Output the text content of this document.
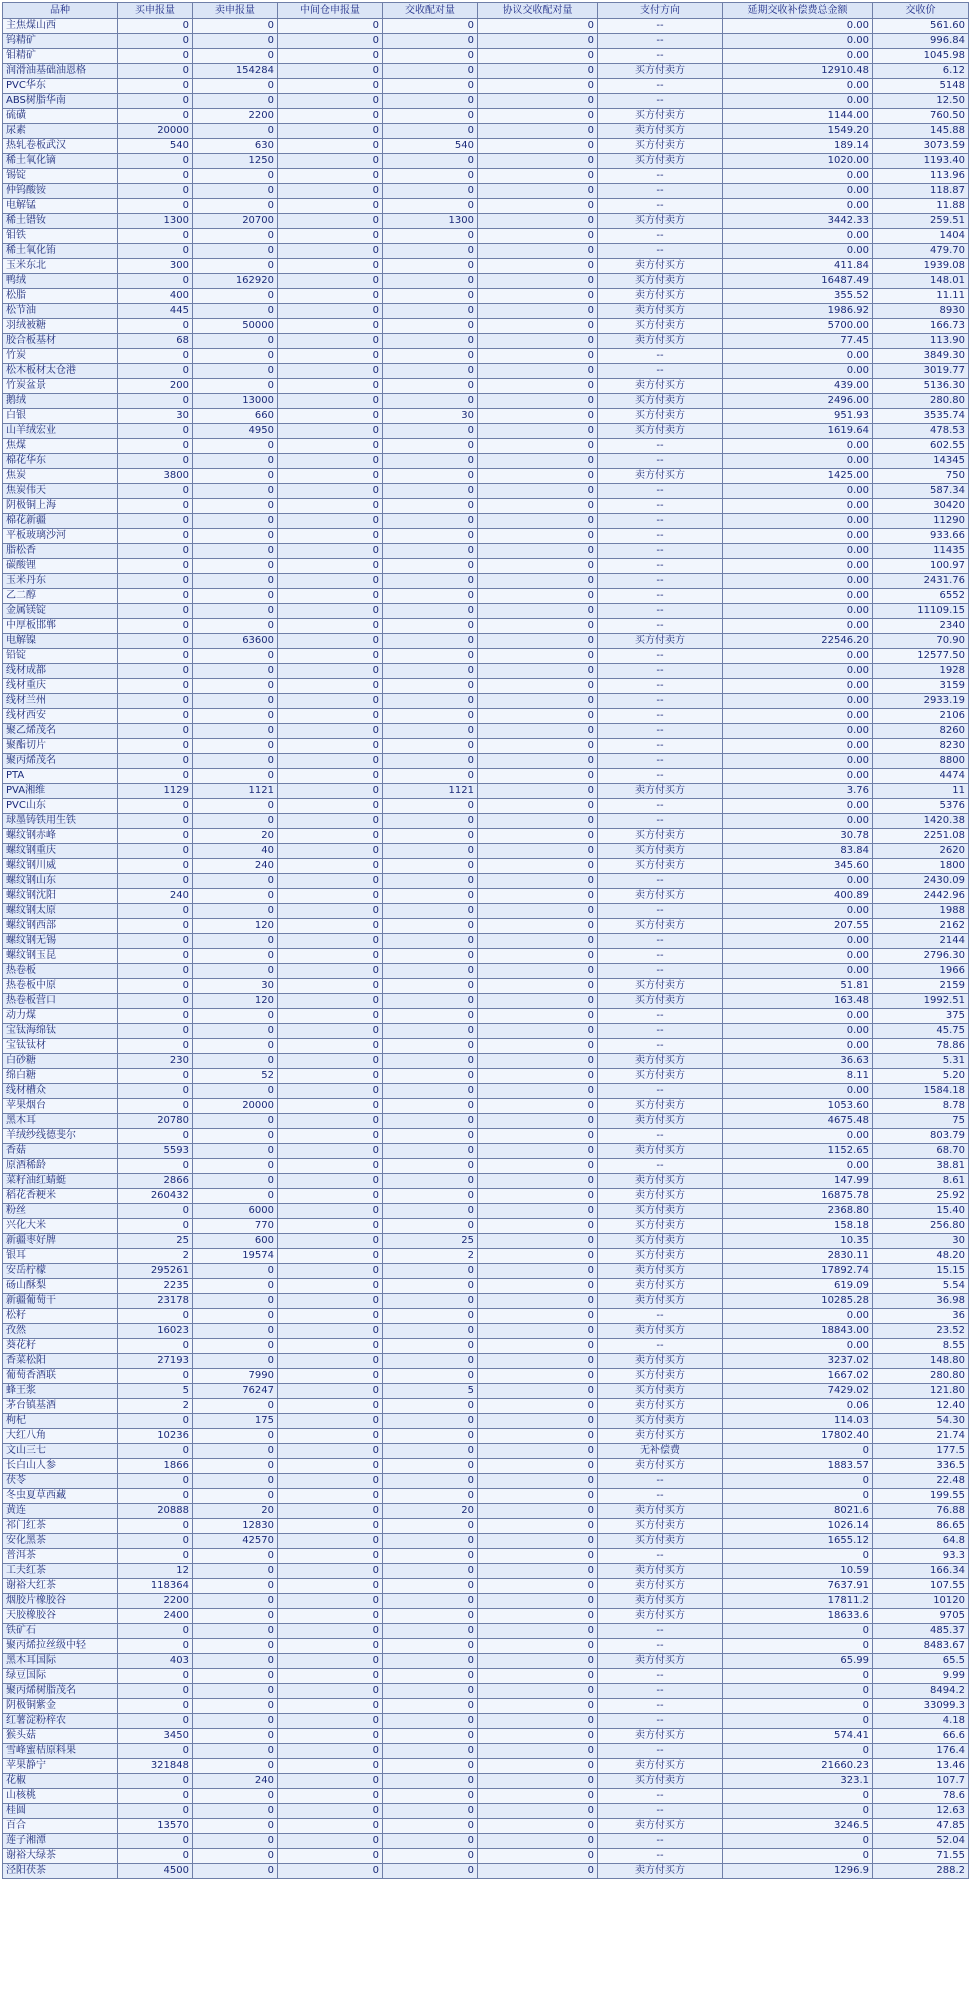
品种	买申报量	卖申报量	中间仓申报量	交收配对量	协议交收配对量	支付方向	延期交收补偿费总金额	交收价
主焦煤山西	0	0	0	0	0	--	0.00	561.60
钨精矿	0	0	0	0	0	--	0.00	996.84
钼精矿	0	0	0	0	0	--	0.00	1045.98
润滑油基础油恩格	0	154284	0	0	0	买方付卖方	12910.48	6.12
PVC华东	0	0	0	0	0	--	0.00	5148
ABS树脂华南	0	0	0	0	0	--	0.00	12.50
硫磺	0	2200	0	0	0	买方付卖方	1144.00	760.50
尿素	20000	0	0	0	0	卖方付买方	1549.20	145.88
热轧卷板武汉	540	630	0	540	0	买方付卖方	189.14	3073.59
稀土氧化镝	0	1250	0	0	0	买方付卖方	1020.00	1193.40
锡锭	0	0	0	0	0	--	0.00	113.96
仲钨酸铵	0	0	0	0	0	--	0.00	118.87
电解锰	0	0	0	0	0	--	0.00	11.88
稀土镨钕	1300	20700	0	1300	0	买方付卖方	3442.33	259.51
钼铁	0	0	0	0	0	--	0.00	1404
稀土氧化铕	0	0	0	0	0	--	0.00	479.70
玉米东北	300	0	0	0	0	卖方付买方	411.84	1939.08
鸭绒	0	162920	0	0	0	买方付卖方	16487.49	148.01
松脂	400	0	0	0	0	卖方付买方	355.52	11.11
松节油	445	0	0	0	0	卖方付买方	1986.92	8930
羽绒被糖	0	50000	0	0	0	买方付卖方	5700.00	166.73
胶合板基材	68	0	0	0	0	卖方付买方	77.45	113.90
竹炭	0	0	0	0	0	--	0.00	3849.30
松木板材太仓港	0	0	0	0	0	--	0.00	3019.77
竹炭盆景	200	0	0	0	0	卖方付买方	439.00	5136.30
鹅绒	0	13000	0	0	0	买方付卖方	2496.00	280.80
白银	30	660	0	30	0	买方付卖方	951.93	3535.74
山羊绒宏业	0	4950	0	0	0	买方付卖方	1619.64	478.53
焦煤	0	0	0	0	0	--	0.00	602.55
棉花华东	0	0	0	0	0	--	0.00	14345
焦炭	3800	0	0	0	0	卖方付买方	1425.00	750
焦炭伟天	0	0	0	0	0	--	0.00	587.34
阴极铜上海	0	0	0	0	0	--	0.00	30420
棉花新疆	0	0	0	0	0	--	0.00	11290
平板玻璃沙河	0	0	0	0	0	--	0.00	933.66
脂松香	0	0	0	0	0	--	0.00	11435
碳酸锂	0	0	0	0	0	--	0.00	100.97
玉米丹东	0	0	0	0	0	--	0.00	2431.76
乙二醇	0	0	0	0	0	--	0.00	6552
金属镁锭	0	0	0	0	0	--	0.00	11109.15
中厚板邯郸	0	0	0	0	0	--	0.00	2340
电解镍	0	63600	0	0	0	买方付卖方	22546.20	70.90
铅锭	0	0	0	0	0	--	0.00	12577.50
线材成都	0	0	0	0	0	--	0.00	1928
线材重庆	0	0	0	0	0	--	0.00	3159
线材兰州	0	0	0	0	0	--	0.00	2933.19
线材西安	0	0	0	0	0	--	0.00	2106
聚乙烯茂名	0	0	0	0	0	--	0.00	8260
聚酯切片	0	0	0	0	0	--	0.00	8230
聚丙烯茂名	0	0	0	0	0	--	0.00	8800
PTA	0	0	0	0	0	--	0.00	4474
PVA湘维	1129	1121	0	1121	0	卖方付买方	3.76	11
PVC山东	0	0	0	0	0	--	0.00	5376
球墨铸铁用生铁	0	0	0	0	0	--	0.00	1420.38
螺纹钢赤峰	0	20	0	0	0	买方付卖方	30.78	2251.08
螺纹钢重庆	0	40	0	0	0	买方付卖方	83.84	2620
螺纹钢川威	0	240	0	0	0	买方付卖方	345.60	1800
螺纹钢山东	0	0	0	0	0	--	0.00	2430.09
螺纹钢沈阳	240	0	0	0	0	卖方付买方	400.89	2442.96
螺纹钢太原	0	0	0	0	0	--	0.00	1988
螺纹钢西部	0	120	0	0	0	买方付卖方	207.55	2162
螺纹钢无锡	0	0	0	0	0	--	0.00	2144
螺纹钢玉昆	0	0	0	0	0	--	0.00	2796.30
热卷板	0	0	0	0	0	--	0.00	1966
热卷板中原	0	30	0	0	0	买方付卖方	51.81	2159
热卷板营口	0	120	0	0	0	买方付卖方	163.48	1992.51
动力煤	0	0	0	0	0	--	0.00	375
宝钛海绵钛	0	0	0	0	0	--	0.00	45.75
宝钛钛材	0	0	0	0	0	--	0.00	78.86
白砂糖	230	0	0	0	0	卖方付买方	36.63	5.31
绵白糖	0	52	0	0	0	买方付卖方	8.11	5.20
线材槽众	0	0	0	0	0	--	0.00	1584.18
苹果烟台	0	20000	0	0	0	买方付卖方	1053.60	8.78
黑木耳	20780	0	0	0	0	卖方付买方	4675.48	75
羊绒纱线德斐尔	0	0	0	0	0	--	0.00	803.79
香菇	5593	0	0	0	0	卖方付买方	1152.65	68.70
原酒稀龄	0	0	0	0	0	--	0.00	38.81
菜籽油红蜻蜓	2866	0	0	0	0	卖方付买方	147.99	8.61
稻花香粳米	260432	0	0	0	0	卖方付买方	16875.78	25.92
粉丝	0	6000	0	0	0	买方付卖方	2368.80	15.40
兴化大米	0	770	0	0	0	买方付卖方	158.18	256.80
新疆枣好牌	25	600	0	25	0	买方付卖方	10.35	30
银耳	2	19574	0	2	0	买方付卖方	2830.11	48.20
安岳柠檬	295261	0	0	0	0	卖方付买方	17892.74	15.15
砀山酥梨	2235	0	0	0	0	卖方付买方	619.09	5.54
新疆葡萄干	23178	0	0	0	0	卖方付买方	10285.28	36.98
松籽	0	0	0	0	0	--	0.00	36
孜然	16023	0	0	0	0	卖方付买方	18843.00	23.52
葵花籽	0	0	0	0	0	--	0.00	8.55
香菜松阳	27193	0	0	0	0	卖方付买方	3237.02	148.80
葡萄香酒联	0	7990	0	0	0	买方付卖方	1667.02	280.80
蜂王浆	5	76247	0	5	0	买方付卖方	7429.02	121.80
茅台镇基酒	2	0	0	0	0	卖方付买方	0.06	12.40
枸杞	0	175	0	0	0	买方付卖方	114.03	54.30
大红八角	10236	0	0	0	0	卖方付买方	17802.40	21.74
文山三七	0	0	0	0	0	无补偿费	0	177.5
长白山人参	1866	0	0	0	0	卖方付买方	1883.57	336.5
茯苓	0	0	0	0	0	--	0	22.48
冬虫夏草西藏	0	0	0	0	0	--	0	199.55
黄连	20888	20	0	20	0	卖方付买方	8021.6	76.88
祁门红茶	0	12830	0	0	0	买方付卖方	1026.14	86.65
安化黑茶	0	42570	0	0	0	买方付卖方	1655.12	64.8
普洱茶	0	0	0	0	0	--	0	93.3
工夫红茶	12	0	0	0	0	卖方付买方	10.59	166.34
谢裕大红茶	118364	0	0	0	0	卖方付买方	7637.91	107.55
烟胶片橡胶谷	2200	0	0	0	0	卖方付买方	17811.2	10120
天胶橡胶谷	2400	0	0	0	0	卖方付买方	18633.6	9705
铁矿石	0	0	0	0	0	--	0	485.37
聚丙烯拉丝级中轻	0	0	0	0	0	--	0	8483.67
黑木耳国际	403	0	0	0	0	卖方付买方	65.99	65.5
绿豆国际	0	0	0	0	0	--	0	9.99
聚丙烯树脂茂名	0	0	0	0	0	--	0	8494.2
阴极铜紫金	0	0	0	0	0	--	0	33099.3
红薯淀粉梓农	0	0	0	0	0	--	0	4.18
猴头菇	3450	0	0	0	0	卖方付买方	574.41	66.6
雪峰蜜桔原料果	0	0	0	0	0	--	0	176.4
苹果静宁	321848	0	0	0	0	卖方付买方	21660.23	13.46
花椒	0	240	0	0	0	买方付卖方	323.1	107.7
山核桃	0	0	0	0	0	--	0	78.6
桂圆	0	0	0	0	0	--	0	12.63
百合	13570	0	0	0	0	卖方付买方	3246.5	47.85
莲子湘潭	0	0	0	0	0	--	0	52.04
谢裕大绿茶	0	0	0	0	0	--	0	71.55
泾阳茯茶	4500	0	0	0	0	卖方付买方	1296.9	288.2
